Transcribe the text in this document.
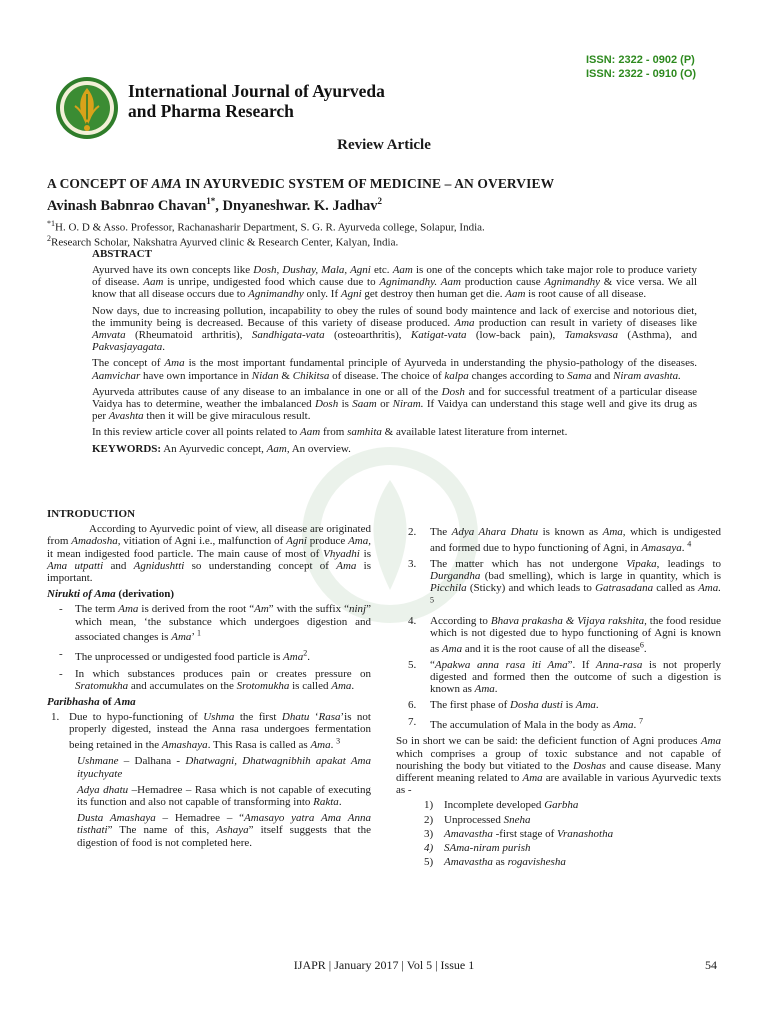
ISSN: 2322 - 0902 (P)
ISSN: 2322 - 0910 (O)
International Journal of Ayurveda
and Pharma Research
Review Article
A CONCEPT OF AMA IN AYURVEDIC SYSTEM OF MEDICINE – AN OVERVIEW
Avinash Babnrao Chavan$^{1*}$, Dnyaneshwar. K. Jadhav$^2$
$^{*1}$H. O. D & Asso. Professor, Rachanasharir Department, S. G. R. Ayurveda college, Solapur, India.
$^2$Research Scholar, Nakshatra Ayurved clinic & Research Center, Kalyan, India.
ABSTRACT

Ayurved have its own concepts like Dosh, Dushay, Mala, Agni etc. Aam is one of the concepts which take major role to produce variety of disease. Aam is unripe, undigested food which cause due to Agnimandhy. Aam production cause Agnimandhy & vice versa. We all know that all disease occurs due to Agnimandhy only. If Agni get destroy then human get die. Aam is root cause of all disease.

Now days, due to increasing pollution, incapability to obey the rules of sound body maintence and lack of exercise and notorious diet, the immunity being is decreased. Because of this variety of disease produced. Ama production can result in variety of diseases like Amvata (Rheumatoid arthritis), Sandhigata-vata (osteoarthritis), Katigat-vata (low-back pain), Tamaksvasa (Asthma), and Pakvasjayagata.

The concept of Ama is the most important fundamental principle of Ayurveda in understanding the physio-pathology of the diseases. Aamvichar have own importance in Nidan & Chikitsa of disease. The choice of kalpa changes according to Sama and Niram avashta.

Ayurveda attributes cause of any disease to an imbalance in one or all of the Dosh and for successful treatment of a particular disease Vaidya has to determine, weather the imbalanced Dosh is Saam or Niram. If Vaidya can understand this stage well and give its drug as per Avashta then it will be give miraculous result.

In this review article cover all points related to Aam from samhita & available latest literature from internet.

KEYWORDS: An Ayurvedic concept, Aam, An overview.

INTRODUCTION

According to Ayurvedic point of view, all disease are originated from Amadosha, vitiation of Agni i.e., malfunction of Agni produce Ama, it mean indigested food particle. The main cause of most of Vhyadhi is Ama utpatti and Agnidushtti so understanding concept of Ama is important.

Nirukti of Ama (derivation)

- The term Ama is derived from the root “Am” with the suffix “ninj” which mean, ‘the substance which undergoes digestion and associated changes is Ama’ $^1$
- The unprocessed or undigested food particle is Ama$^2$.
- In which substances produces pain or creates pressure on Sratomukha and accumulates on the Srotomukha is called Ama.

Paribhasha of Ama

1. Due to hypo-functioning of Ushma the first Dhatu ‘Rasa’is not properly digested, instead the Anna rasa undergoes fermentation being retained in the Amashaya. This Rasa is called as Ama. $^3$
Ushmane – Dalhana - Dhatwagni, Dhatwagnibhih apakat Ama ityuchyate
Adya dhatu –Hemadree – Rasa which is not capable of executing its function and also not capable of transforming into Rakta.
Dusta Amashaya – Hemadree – “Amasayo yatra Ama Anna tisthati” The name of this, Ashaya” itself suggests that the digestion of food is not completed here.
2. The Adya Ahara Dhatu is known as Ama, which is undigested and formed due to hypo functioning of Agni, in Amasaya. $^4$
3. The matter which has not undergone Vipaka, leadings to Durgandha (bad smelling), which is large in quantity, which is Picchila (Sticky) and which leads to Gatrasadana called as Ama. $^5$
4. According to Bhava prakasha & Vijaya rakshita, the food residue which is not digested due to hypo functioning of Agni is known as Ama and it is the root cause of all the disease$^6$.
5. “Apakwa anna rasa iti Ama”. If Anna-rasa is not properly digested and formed then the outcome of such a digestion is known as Ama.
6. The first phase of Dosha dusti is Ama.
7. The accumulation of Mala in the body as Ama. $^7$

So in short we can be said: the deficient function of Agni produces Ama which comprises a group of toxic substance and not capable of nourishing the body but vitiated to the Doshas and cause disease. Many different meaning related to Ama are available in various Ayurvedic texts as -

1) Incomplete developed Garbha
2) Unprocessed Sneha
3) Amavastha -first stage of Vranashotha
4) SAma-niram purish
5) Amavastha as rogavishesha
IJAPR | January 2017 | Vol 5 | Issue 1	54
